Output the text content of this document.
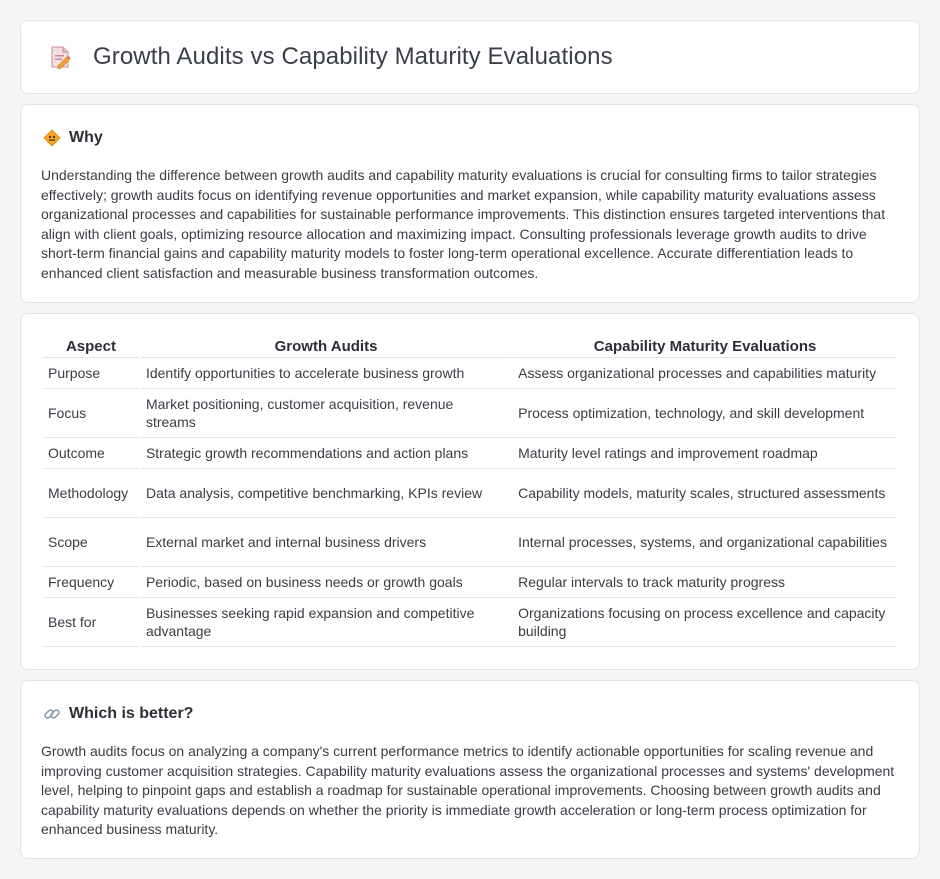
Growth Audits vs Capability Maturity Evaluations
Why

Understanding the difference between growth audits and capability maturity evaluations is crucial for consulting firms to tailor strategies effectively; growth audits focus on identifying revenue opportunities and market expansion, while capability maturity evaluations assess organizational processes and capabilities for sustainable performance improvements. This distinction ensures targeted interventions that align with client goals, optimizing resource allocation and maximizing impact. Consulting professionals leverage growth audits to drive short-term financial gains and capability maturity models to foster long-term operational excellence. Accurate differentiation leads to enhanced client satisfaction and measurable business transformation outcomes.

Aspect	Growth Audits	Capability Maturity Evaluations
Purpose	Identify opportunities to accelerate business growth	Assess organizational processes and capabilities maturity
Focus	Market positioning, customer acquisition, revenue streams	Process optimization, technology, and skill development
Outcome	Strategic growth recommendations and action plans	Maturity level ratings and improvement roadmap
Methodology	Data analysis, competitive benchmarking, KPIs review	Capability models, maturity scales, structured assessments
Scope	External market and internal business drivers	Internal processes, systems, and organizational capabilities
Frequency	Periodic, based on business needs or growth goals	Regular intervals to track maturity progress
Best for	Businesses seeking rapid expansion and competitive advantage	Organizations focusing on process excellence and capacity building
Which is better?

Growth audits focus on analyzing a company's current performance metrics to identify actionable opportunities for scaling revenue and improving customer acquisition strategies. Capability maturity evaluations assess the organizational processes and systems' development level, helping to pinpoint gaps and establish a roadmap for sustainable operational improvements. Choosing between growth audits and capability maturity evaluations depends on whether the priority is immediate growth acceleration or long-term process optimization for enhanced business maturity.
